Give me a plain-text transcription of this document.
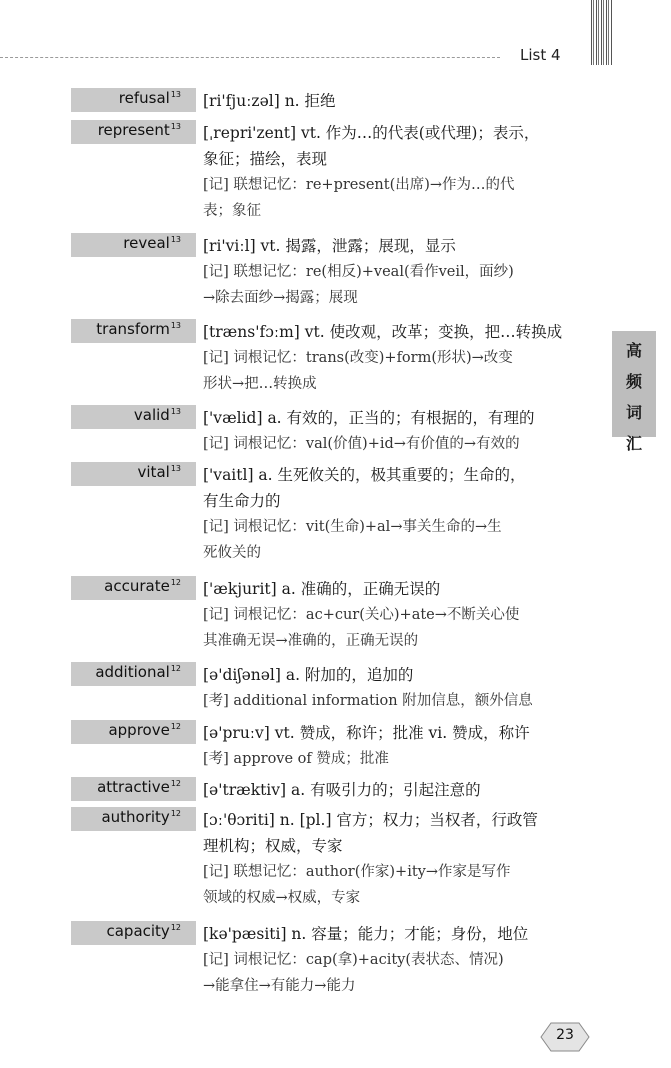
List 4
高
频
词
汇
refusal$^{13}$ [ri'fjuːzəl] n. 拒绝
represent$^{13}$ [ˌrepri'zent] vt. 作为…的代表(或代理)；表示，
象征；描绘，表现
[记] 联想记忆：re+present(出席)→作为…的代
表；象征
reveal$^{13}$ [ri'viːl] vt. 揭露，泄露；展现，显示
[记] 联想记忆：re(相反)+veal(看作veil，面纱)
→除去面纱→揭露；展现
transform$^{13}$ [træns'fɔːm] vt. 使改观，改革；变换，把…转换成
[记] 词根记忆：trans(改变)+form(形状)→改变
形状→把…转换成
valid$^{13}$ ['vælid] a. 有效的，正当的；有根据的，有理的
[记] 词根记忆：val(价值)+id→有价值的→有效的
vital$^{13}$ ['vaitl] a. 生死攸关的，极其重要的；生命的，
有生命力的
[记] 词根记忆：vit(生命)+al→事关生命的→生
死攸关的
accurate$^{12}$ ['ækjurit] a. 准确的，正确无误的
[记] 词根记忆：ac+cur(关心)+ate→不断关心使
其准确无误→准确的，正确无误的
additional$^{12}$ [ə'diʃənəl] a. 附加的，追加的
[考] additional information 附加信息，额外信息
approve$^{12}$ [ə'pruːv] vt. 赞成，称许；批准 vi. 赞成，称许
[考] approve of 赞成；批准
attractive$^{12}$ [ə'træktiv] a. 有吸引力的；引起注意的
authority$^{12}$ [ɔː'θɔriti] n. [pl.] 官方；权力；当权者，行政管
理机构；权威，专家
[记] 联想记忆：author(作家)+ity→作家是写作
领域的权威→权威，专家
capacity$^{12}$ [kə'pæsiti] n. 容量；能力；才能；身份，地位
[记] 词根记忆：cap(拿)+acity(表状态、情况)
→能拿住→有能力→能力
23
